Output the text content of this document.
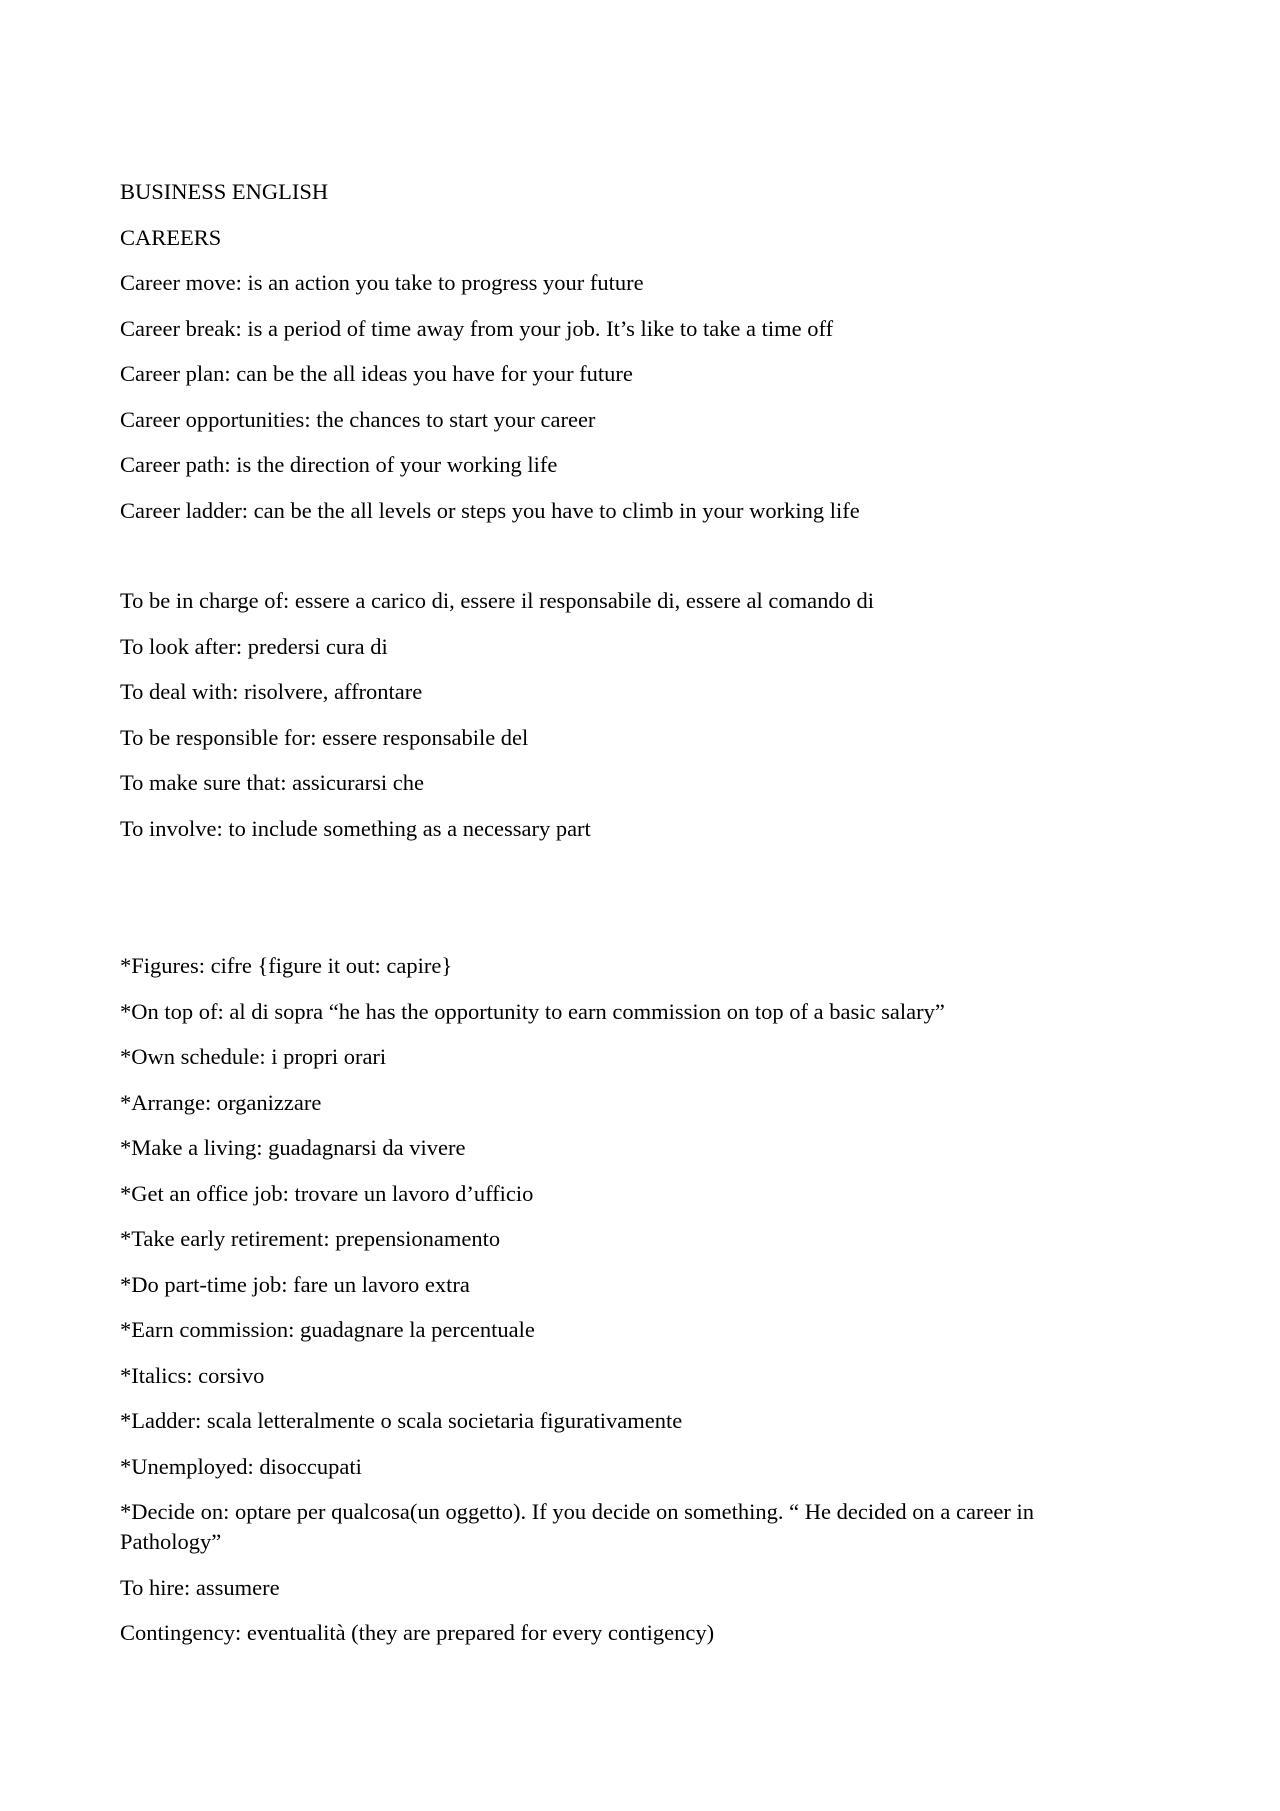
BUSINESS ENGLISH
CAREERS
Career move: is an action you take to progress your future
Career break: is a period of time away from your job. It’s like to take a time off
Career plan: can be the all ideas you have for your future
Career opportunities: the chances to start your career
Career path: is the direction of your working life
Career ladder: can be the all levels or steps you have to climb in your working life
To be in charge of: essere a carico di, essere il responsabile di, essere al comando di
To look after: predersi cura di
To deal with: risolvere, affrontare
To be responsible for: essere responsabile del
To make sure that: assicurarsi che
To involve: to include something as a necessary part
*Figures: cifre {figure it out: capire}
*On top of: al di sopra “he has the opportunity to earn commission on top of a basic salary”
*Own schedule: i propri orari
*Arrange: organizzare
*Make a living: guadagnarsi da vivere
*Get an office job: trovare un lavoro d’ufficio
*Take early retirement: prepensionamento
*Do part-time job: fare un lavoro extra
*Earn commission: guadagnare la percentuale
*Italics: corsivo
*Ladder: scala letteralmente o scala societaria figurativamente
*Unemployed: disoccupati
*Decide on: optare per qualcosa(un oggetto). If you decide on something. “ He decided on a career in Pathology”
To hire: assumere
Contingency: eventualità (they are prepared for every contigency)
